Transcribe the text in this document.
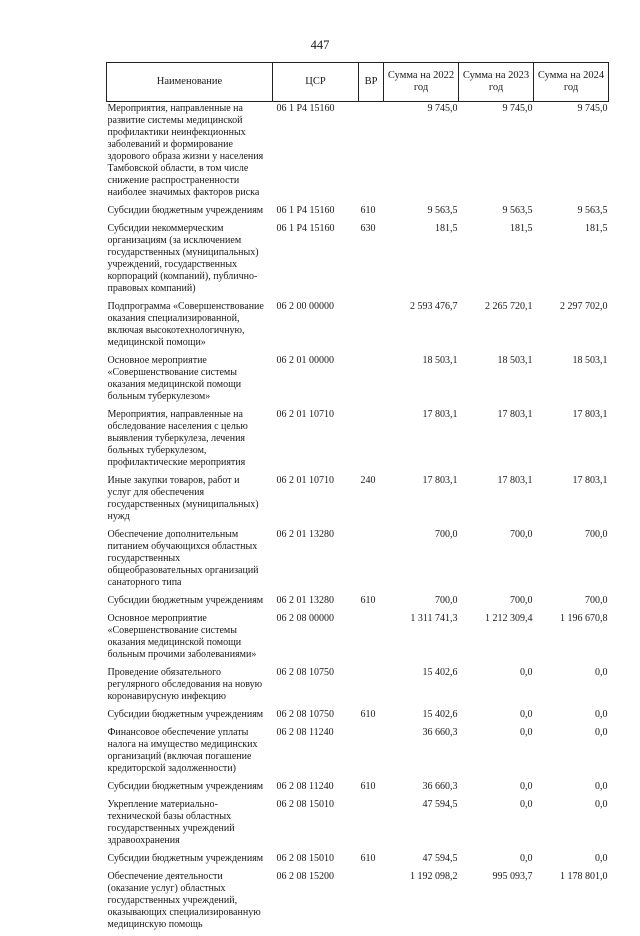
447
Наименование	ЦСР	ВР	Сумма на 2022 год	Сумма на 2023 год	Сумма на 2024 год
Мероприятия, направленные на развитие системы медицинской профилактики неинфекционных заболеваний и формирование здорового образа жизни у населения Тамбовской области, в том числе снижение распространенности наиболее значимых факторов риска	06 1 Р4 15160		9 745,0	9 745,0	9 745,0
Субсидии бюджетным учреждениям	06 1 Р4 15160	610	9 563,5	9 563,5	9 563,5
Субсидии некоммерческим организациям (за исключением государственных (муниципальных) учреждений, государственных корпораций (компаний), публично-правовых компаний)	06 1 Р4 15160	630	181,5	181,5	181,5
Подпрограмма «Совершенствование оказания специализированной, включая высокотехнологичную, медицинской помощи»	06 2 00 00000		2 593 476,7	2 265 720,1	2 297 702,0
Основное мероприятие «Совершенствование системы оказания медицинской помощи больным туберкулезом»	06 2 01 00000		18 503,1	18 503,1	18 503,1
Мероприятия, направленные на обследование населения с целью выявления туберкулеза, лечения больных туберкулезом, профилактические мероприятия	06 2 01 10710		17 803,1	17 803,1	17 803,1
Иные закупки товаров, работ и услуг для обеспечения государственных (муниципальных) нужд	06 2 01 10710	240	17 803,1	17 803,1	17 803,1
Обеспечение дополнительным питанием обучающихся областных государственных общеобразовательных организаций санаторного типа	06 2 01 13280		700,0	700,0	700,0
Субсидии бюджетным учреждениям	06 2 01 13280	610	700,0	700,0	700,0
Основное мероприятие «Совершенствование системы оказания медицинской помощи больным прочими заболеваниями»	06 2 08 00000		1 311 741,3	1 212 309,4	1 196 670,8
Проведение обязательного регулярного обследования на новую коронавирусную инфекцию	06 2 08 10750		15 402,6	0,0	0,0
Субсидии бюджетным учреждениям	06 2 08 10750	610	15 402,6	0,0	0,0
Финансовое обеспечение уплаты налога на имущество медицинских организаций (включая погашение кредиторской задолженности)	06 2 08 11240		36 660,3	0,0	0,0
Субсидии бюджетным учреждениям	06 2 08 11240	610	36 660,3	0,0	0,0
Укрепление материально-технической базы областных государственных учреждений здравоохранения	06 2 08 15010		47 594,5	0,0	0,0
Субсидии бюджетным учреждениям	06 2 08 15010	610	47 594,5	0,0	0,0
Обеспечение деятельности (оказание услуг) областных государственных учреждений, оказывающих специализированную медицинскую помощь	06 2 08 15200		1 192 098,2	995 093,7	1 178 801,0
